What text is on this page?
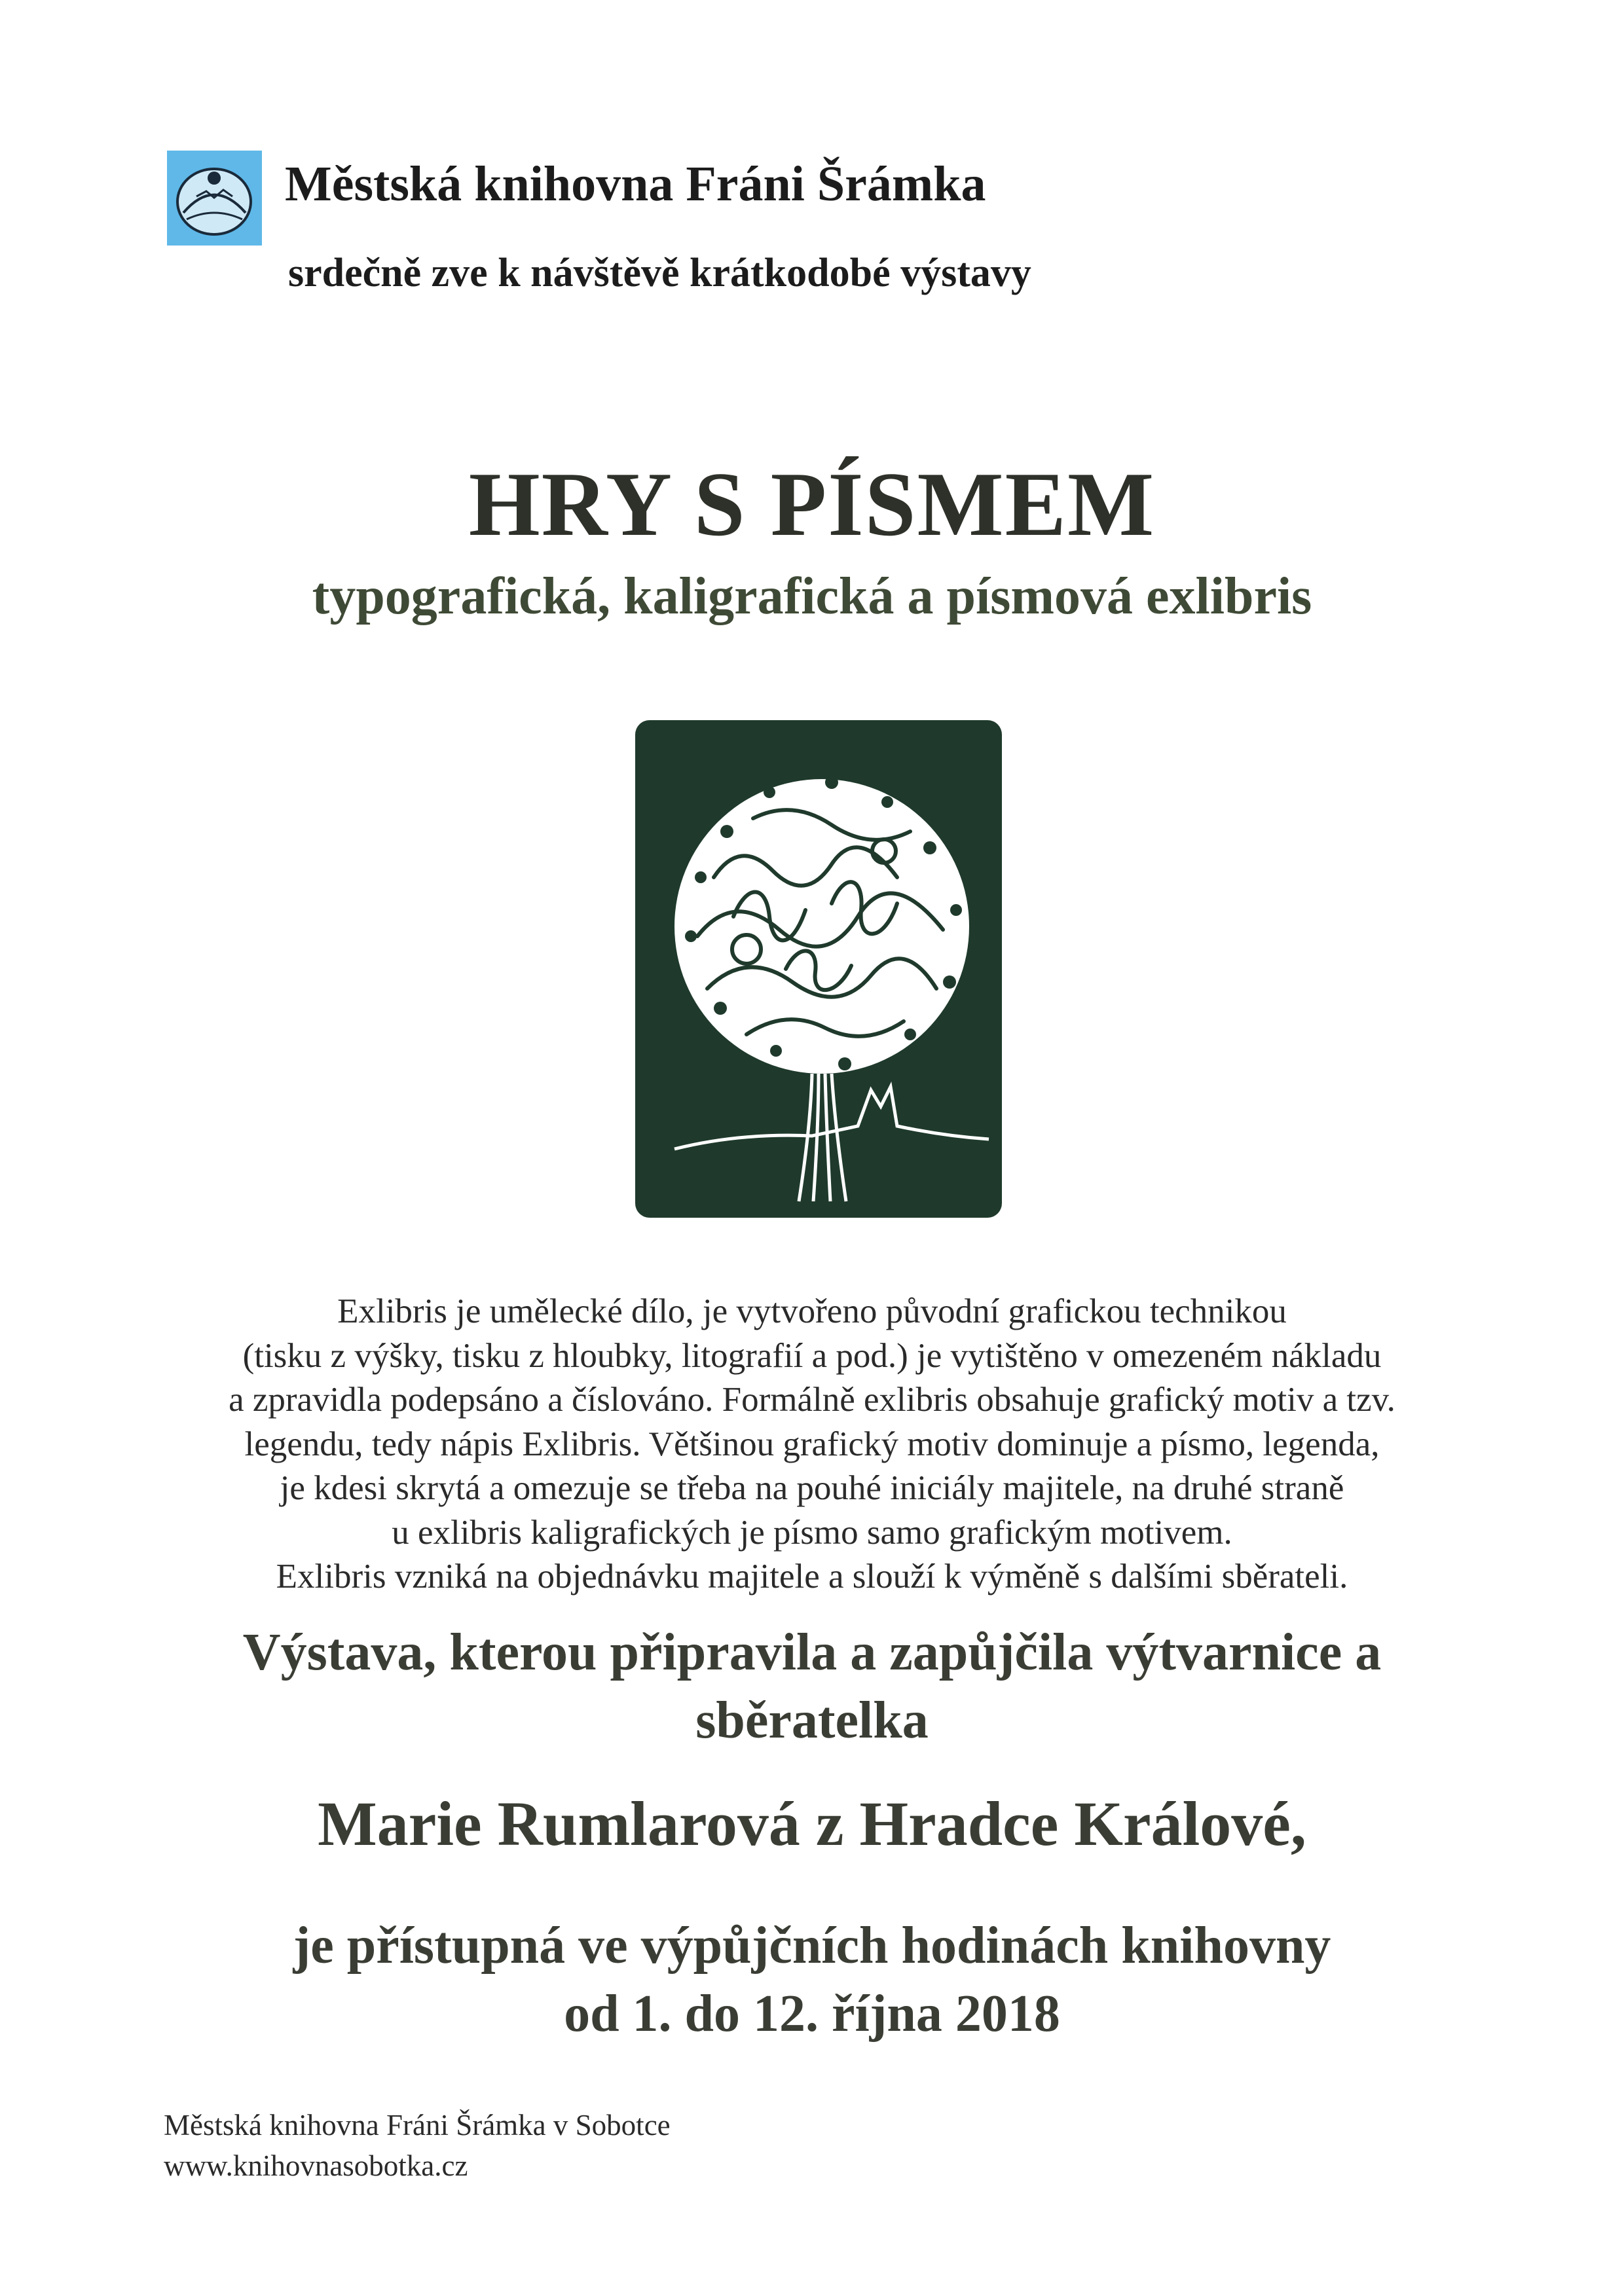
Městská knihovna Fráni Šrámka
srdečně zve k návštěvě krátkodobé výstavy
HRY S PÍSMEM
typografická, kaligrafická a písmová exlibris
Exlibris je umělecké dílo, je vytvořeno původní grafickou technikou
(tisku z výšky, tisku z hloubky, litografií a pod.) je vytištěno v omezeném nákladu
a zpravidla podepsáno a číslováno. Formálně exlibris obsahuje grafický motiv a tzv.
legendu, tedy nápis Exlibris. Většinou grafický motiv dominuje a písmo, legenda,
je kdesi skrytá a omezuje se třeba na pouhé iniciály majitele, na druhé straně
u exlibris kaligrafických je písmo samo grafickým motivem.
Exlibris vzniká na objednávku majitele a slouží k výměně s dalšími sběrateli.
Výstava, kterou připravila a zapůjčila výtvarnice a
sběratelka
Marie Rumlarová z Hradce Králové,
je přístupná ve výpůjčních hodinách knihovny
od 1. do 12. října 2018
Městská knihovna Fráni Šrámka v Sobotce
www.knihovnasobotka.cz
